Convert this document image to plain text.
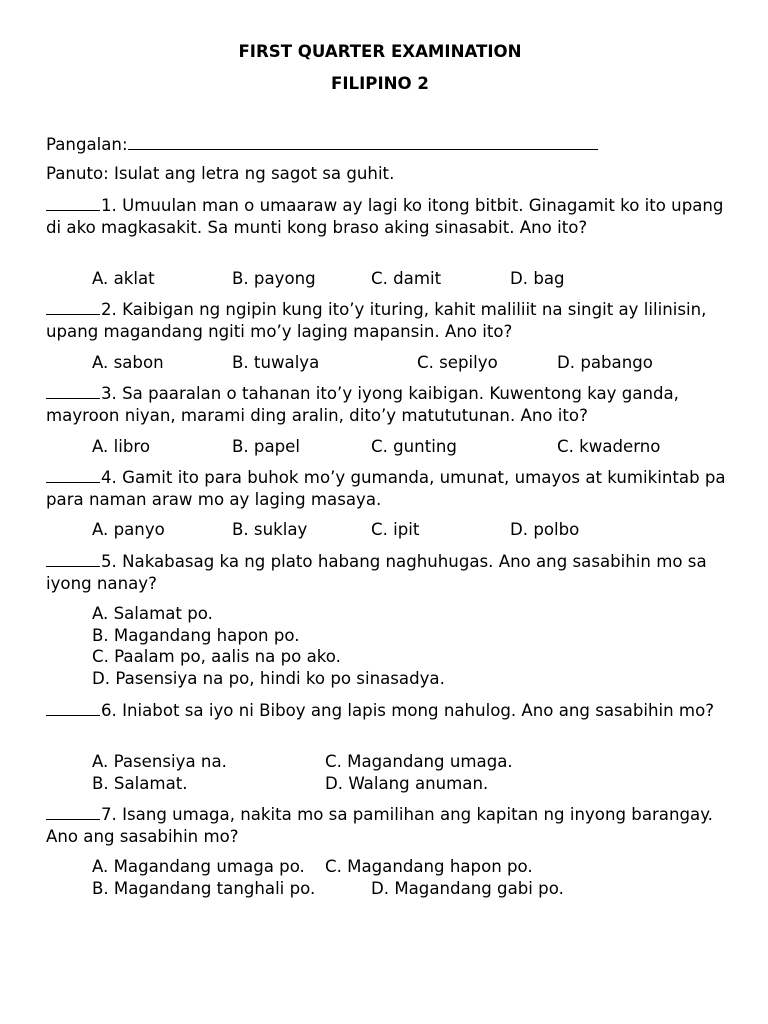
FIRST QUARTER EXAMINATION
FILIPINO 2
Pangalan:
Panuto: Isulat ang letra ng sagot sa guhit.
1. Umuulan man o umaaraw ay lagi ko itong bitbit. Ginagamit ko ito upang di ako magkasakit. Sa munti kong braso aking sinasabit. Ano ito?
A. aklat	B. payong	C. damit	D. bag
2. Kaibigan ng ngipin kung ito’y ituring, kahit maliliit na singit ay lilinisin, upang magandang ngiti mo’y laging mapansin. Ano ito?
A. sabon	B. tuwalya	C. sepilyo	D. pabango
3. Sa paaralan o tahanan ito’y iyong kaibigan. Kuwentong kay ganda, mayroon niyan, marami ding aralin, dito’y matututunan. Ano ito?
A. libro	B. papel	C. gunting	C. kwaderno
4. Gamit ito para buhok mo’y gumanda, umunat, umayos at kumikintab pa para naman araw mo ay laging masaya.
A. panyo	B. suklay	C. ipit	D. polbo
5. Nakabasag ka ng plato habang naghuhugas. Ano ang sasabihin mo sa iyong nanay?
A. Salamat po.
B. Magandang hapon po.
C. Paalam po, aalis na po ako.
D. Pasensiya na po, hindi ko po sinasadya.
6. Iniabot sa iyo ni Biboy ang lapis mong nahulog. Ano ang sasabihin mo?
A. Pasensiya na.	C. Magandang umaga.
B. Salamat.	D. Walang anuman.
7. Isang umaga, nakita mo sa pamilihan ang kapitan ng inyong barangay. Ano ang sasabihin mo?
A. Magandang umaga po. C. Magandang hapon po.
B. Magandang tanghali po.	D. Magandang gabi po.
